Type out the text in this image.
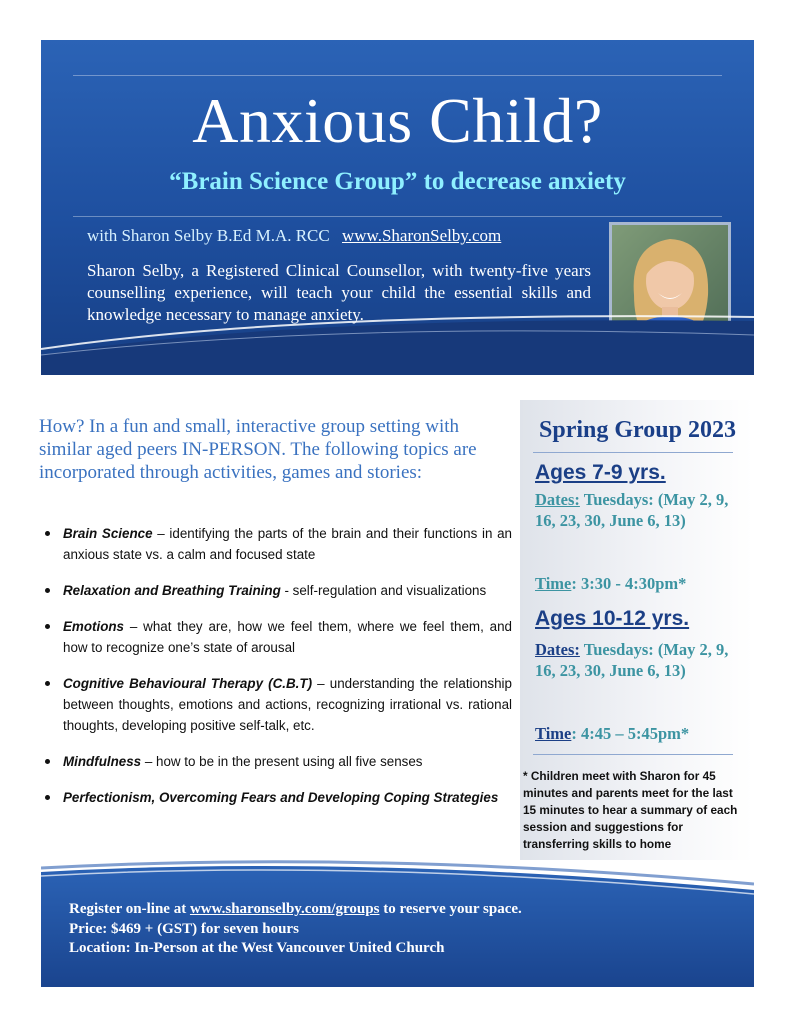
Anxious Child?
“Brain Science Group” to decrease anxiety
with Sharon Selby B.Ed M.A. RCC www.SharonSelby.com
Sharon Selby, a Registered Clinical Counsellor, with twenty-five years counselling experience, will teach your child the essential skills and knowledge necessary to manage anxiety.
How? In a fun and small, interactive group setting with similar aged peers IN-PERSON. The following topics are incorporated through activities, games and stories:
Brain Science – identifying the parts of the brain and their functions in an anxious state vs. a calm and focused state
Relaxation and Breathing Training - self-regulation and visualizations
Emotions – what they are, how we feel them, where we feel them, and how to recognize one’s state of arousal
Cognitive Behavioural Therapy (C.B.T) – understanding the relationship between thoughts, emotions and actions, recognizing irrational vs. rational thoughts, developing positive self-talk, etc.
Mindfulness – how to be in the present using all five senses
Perfectionism, Overcoming Fears and Developing Coping Strategies
Spring Group 2023
Ages 7-9 yrs.
Dates: Tuesdays: (May 2, 9, 16, 23, 30, June 6, 13)
Time: 3:30 - 4:30pm*
Ages 10-12 yrs.
Dates: Tuesdays: (May 2, 9, 16, 23, 30, June 6, 13)
Time: 4:45 – 5:45pm*
* Children meet with Sharon for 45 minutes and parents meet for the last 15 minutes to hear a summary of each session and suggestions for transferring skills to home
Register on-line at www.sharonselby.com/groups to reserve your space.
Price: $469 + (GST) for seven hours
Location: In-Person at the West Vancouver United Church
